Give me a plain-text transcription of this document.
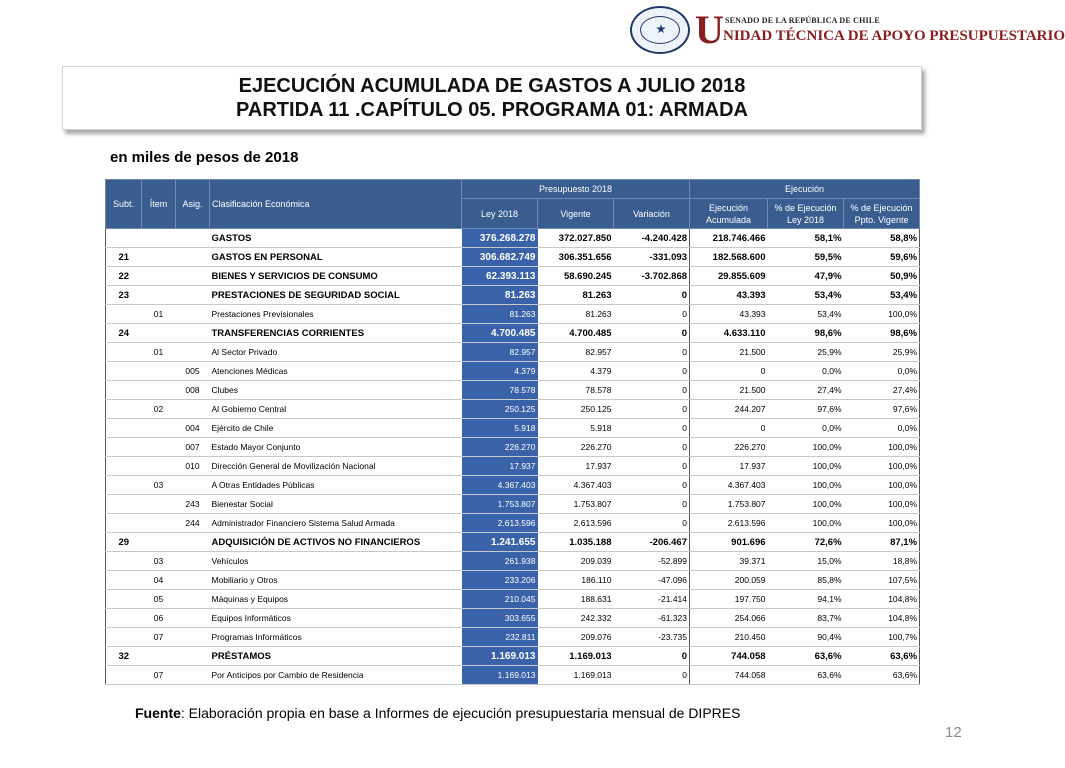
U SENADO DE LA REPÚBLICA DE CHILE
NIDAD TÉCNICA DE APOYO PRESUPUESTARIO
EJECUCIÓN ACUMULADA DE GASTOS A JULIO 2018
PARTIDA 11 .CAPÍTULO 05. PROGRAMA 01: ARMADA
en miles de pesos de 2018
Subt.	Ítem	Asig.	Clasificación Económica	Presupuesto 2018			Ejecución		
				Ley 2018	Vigente	Variación	Ejecución Acumulada	% de Ejecución Ley 2018	% de Ejecución Ppto. Vigente
			GASTOS	376.268.278	372.027.850	-4.240.428	218.746.466	58,1%	58,8%
21			GASTOS EN PERSONAL	306.682.749	306.351.656	-331.093	182.568.600	59,5%	59,6%
22			BIENES Y SERVICIOS DE CONSUMO	62.393.113	58.690.245	-3.702.868	29.855.609	47,9%	50,9%
23			PRESTACIONES DE SEGURIDAD SOCIAL	81.263	81.263	0	43.393	53,4%	53,4%
	01		Prestaciones Previsionales	81.263	81.263	0	43.393	53,4%	100,0%
24			TRANSFERENCIAS CORRIENTES	4.700.485	4.700.485	0	4.633.110	98,6%	98,6%
	01		Al Sector Privado	82.957	82.957	0	21.500	25,9%	25,9%
		005	Atenciones Médicas	4.379	4.379	0	0	0,0%	0,0%
		008	Clubes	78.578	78.578	0	21.500	27,4%	27,4%
	02		Al Gobierno Central	250.125	250.125	0	244.207	97,6%	97,6%
		004	Ejército de Chile	5.918	5.918	0	0	0,0%	0,0%
		007	Estado Mayor Conjunto	226.270	226.270	0	226.270	100,0%	100,0%
		010	Dirección General de Movilización Nacional	17.937	17.937	0	17.937	100,0%	100,0%
	03		A Otras Entidades Públicas	4.367.403	4.367.403	0	4.367.403	100,0%	100,0%
		243	Bienestar Social	1.753.807	1.753.807	0	1.753.807	100,0%	100,0%
		244	Administrador Financiero Sistema Salud Armada	2.613.596	2.613.596	0	2.613.596	100,0%	100,0%
29			ADQUISICIÓN DE ACTIVOS NO FINANCIEROS	1.241.655	1.035.188	-206.467	901.696	72,6%	87,1%
	03		Vehículos	261.938	209.039	-52.899	39.371	15,0%	18,8%
	04		Mobiliario y Otros	233.206	186.110	-47.096	200.059	85,8%	107,5%
	05		Máquinas y Equipos	210.045	188.631	-21.414	197.750	94,1%	104,8%
	06		Equipos Informáticos	303.655	242.332	-61.323	254.066	83,7%	104,8%
	07		Programas Informáticos	232.811	209.076	-23.735	210.450	90,4%	100,7%
32			PRÉSTAMOS	1.169.013	1.169.013	0	744.058	63,6%	63,6%
	07		Por Anticipos por Cambio de Residencia	1.169.013	1.169.013	0	744.058	63,6%	63,6%
Fuente: Elaboración propia en base a Informes de ejecución presupuestaria mensual de DIPRES
12
